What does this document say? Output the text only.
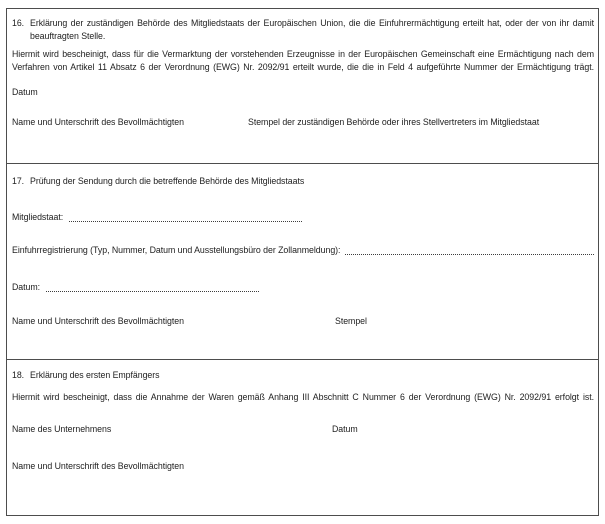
16. Erklärung der zuständigen Behörde des Mitgliedstaats der Europäischen Union, die die Einfuhrermächtigung erteilt hat, oder der von ihr damit beauftragten Stelle.
Hiermit wird bescheinigt, dass für die Vermarktung der vorstehenden Erzeugnisse in der Europäischen Gemeinschaft eine Ermächtigung nach dem Verfahren von Artikel 11 Absatz 6 der Verordnung (EWG) Nr. 2092/91 erteilt wurde, die die in Feld 4 aufgeführte Nummer der Ermächtigung trägt.
Datum
Name und Unterschrift des Bevollmächtigten	Stempel der zuständigen Behörde oder ihres Stellvertreters im Mitgliedstaat
17. Prüfung der Sendung durch die betreffende Behörde des Mitgliedstaats
Mitgliedstaat:
Einfuhrregistrierung (Typ, Nummer, Datum und Ausstellungsbüro der Zollanmeldung):
Datum:
Name und Unterschrift des Bevollmächtigten	Stempel
18. Erklärung des ersten Empfängers
Hiermit wird bescheinigt, dass die Annahme der Waren gemäß Anhang III Abschnitt C Nummer 6 der Verordnung (EWG) Nr. 2092/91 erfolgt ist.
Name des Unternehmens	Datum
Name und Unterschrift des Bevollmächtigten
